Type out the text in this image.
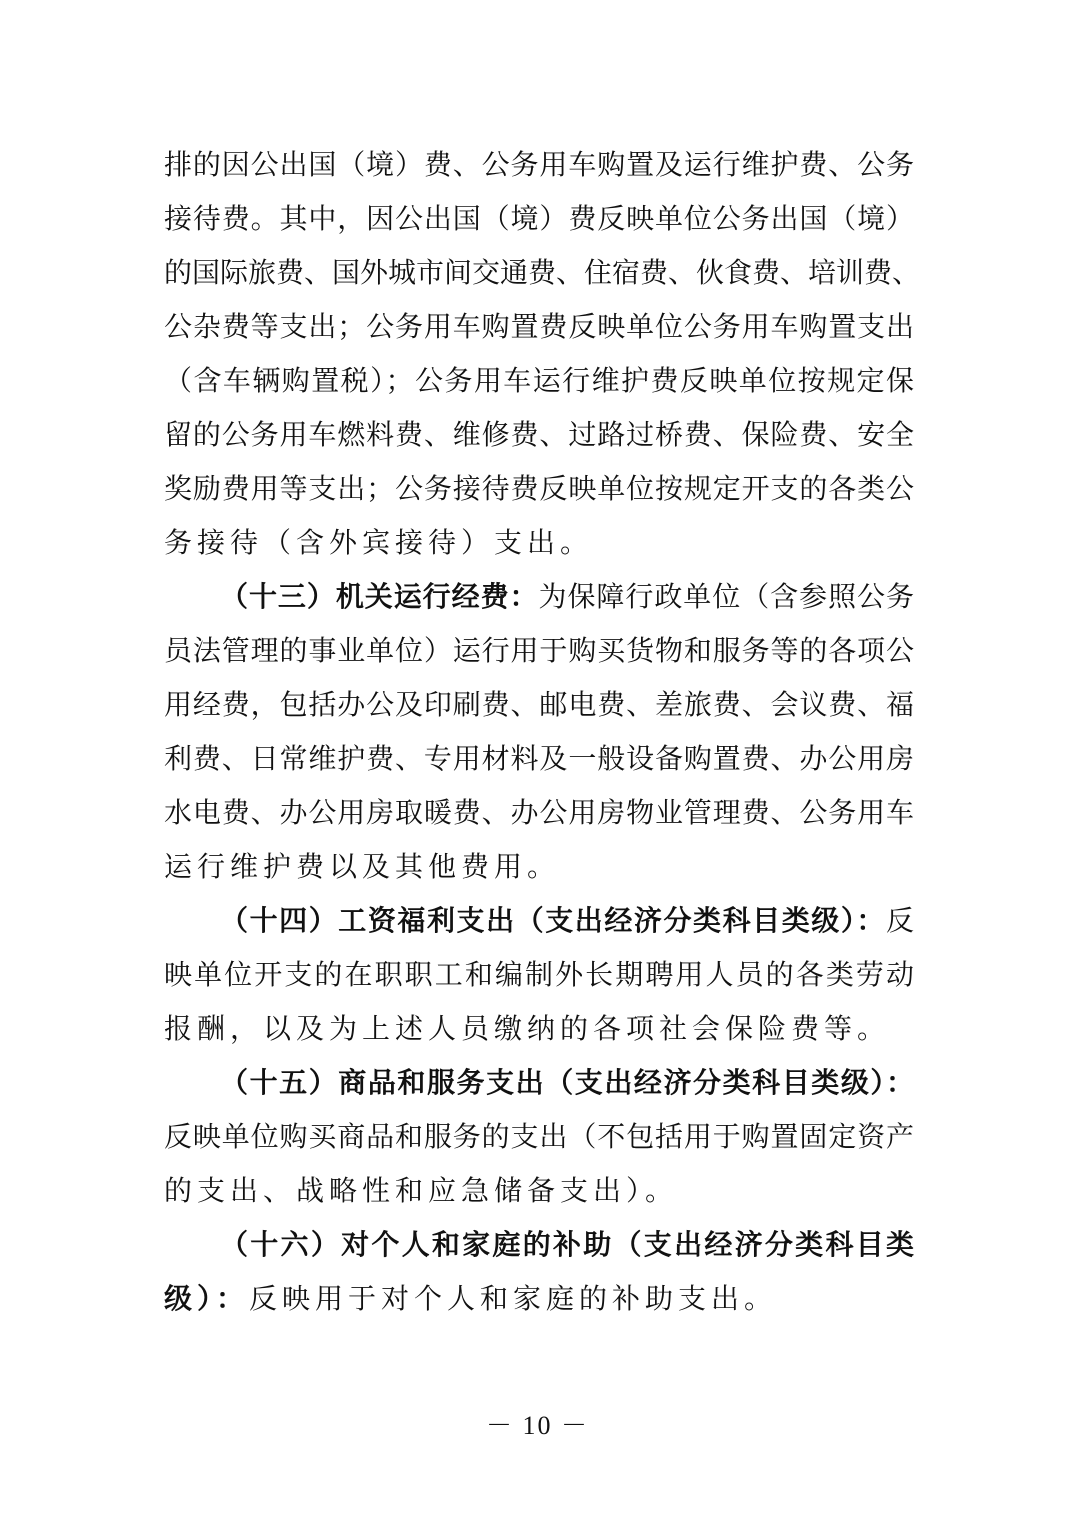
排的因公出国（境）费、公务用车购置及运行维护费、公务
接待费。其中，因公出国（境）费反映单位公务出国（境）
的国际旅费、国外城市间交通费、住宿费、伙食费、培训费、
公杂费等支出；公务用车购置费反映单位公务用车购置支出
（含车辆购置税）；公务用车运行维护费反映单位按规定保
留的公务用车燃料费、维修费、过路过桥费、保险费、安全
奖励费用等支出；公务接待费反映单位按规定开支的各类公
务接待（含外宾接待）支出。
（十三）机关运行经费：为保障行政单位（含参照公务
员法管理的事业单位）运行用于购买货物和服务等的各项公
用经费，包括办公及印刷费、邮电费、差旅费、会议费、福
利费、日常维护费、专用材料及一般设备购置费、办公用房
水电费、办公用房取暖费、办公用房物业管理费、公务用车
运行维护费以及其他费用。
（十四）工资福利支出（支出经济分类科目类级）：反
映单位开支的在职职工和编制外长期聘用人员的各类劳动
报酬，以及为上述人员缴纳的各项社会保险费等。
（十五）商品和服务支出（支出经济分类科目类级）：
反映单位购买商品和服务的支出（不包括用于购置固定资产
的支出、战略性和应急储备支出）。
（十六）对个人和家庭的补助（支出经济分类科目类
级）：反映用于对个人和家庭的补助支出。
－ 10 －
